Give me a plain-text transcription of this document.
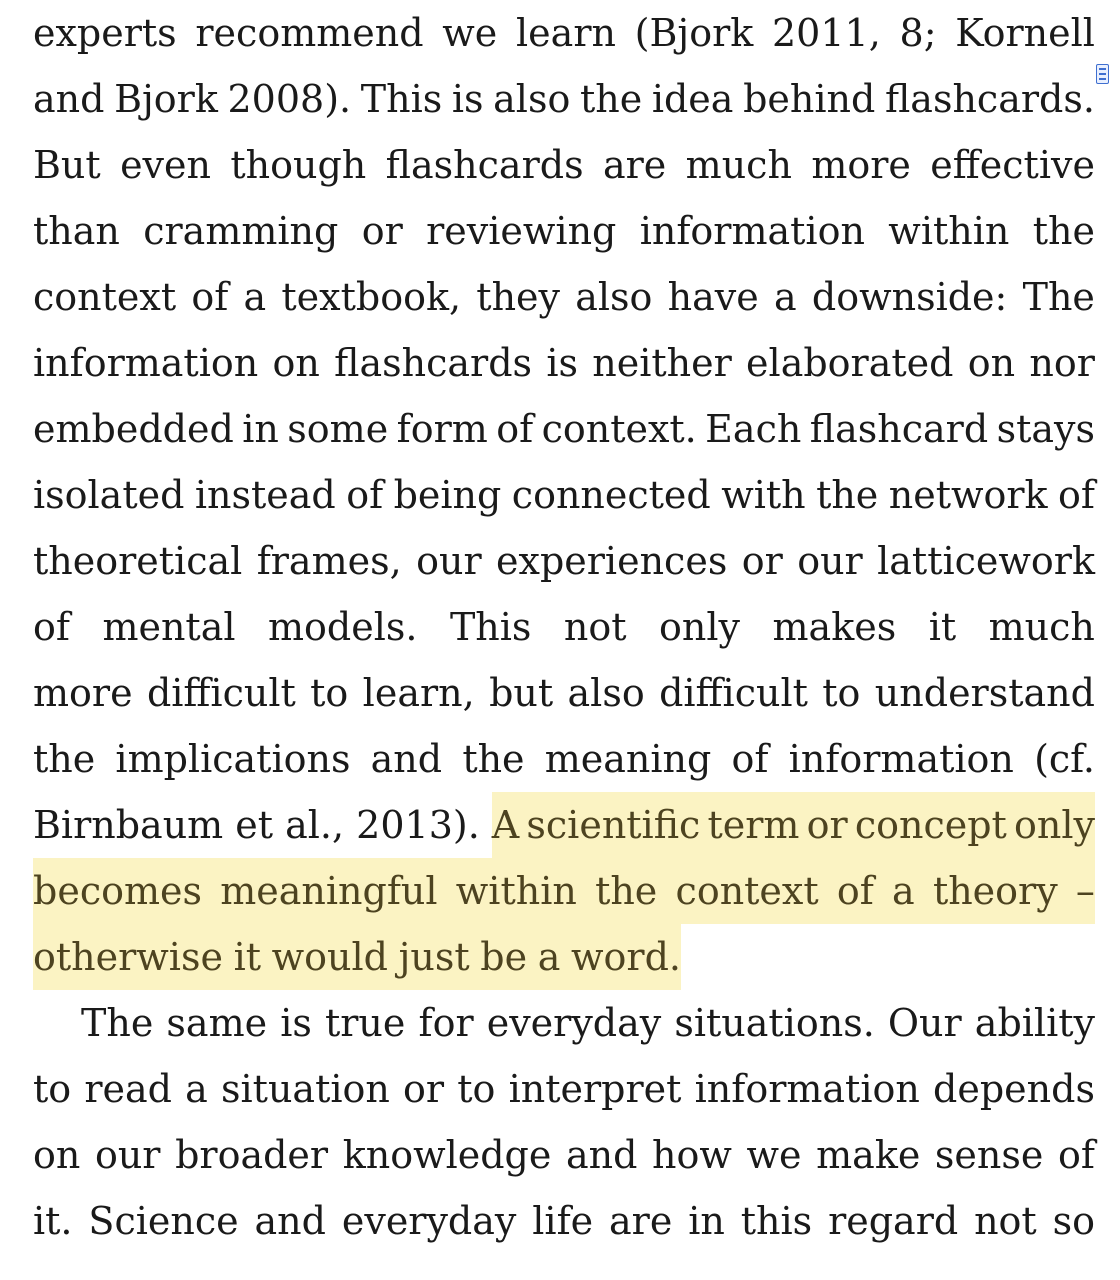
experts recommend we learn (Bjork 2011, 8; Kornell
and Bjork 2008). This is also the idea behind flashcards.
But even though flashcards are much more effective
than cramming or reviewing information within the
context of a textbook, they also have a downside: The
information on flashcards is neither elaborated on nor
embedded in some form of context. Each flashcard stays
isolated instead of being connected with the network of
theoretical frames, our experiences or our latticework
of mental models. This not only makes it much
more difficult to learn, but also difficult to understand
the implications and the meaning of information (cf.
Birnbaum et al., 2013). A scientific term or concept only
becomes meaningful within the context of a theory –
otherwise it would just be a word.
The same is true for everyday situations. Our ability
to read a situation or to interpret information depends
on our broader knowledge and how we make sense of
it. Science and everyday life are in this regard not so
